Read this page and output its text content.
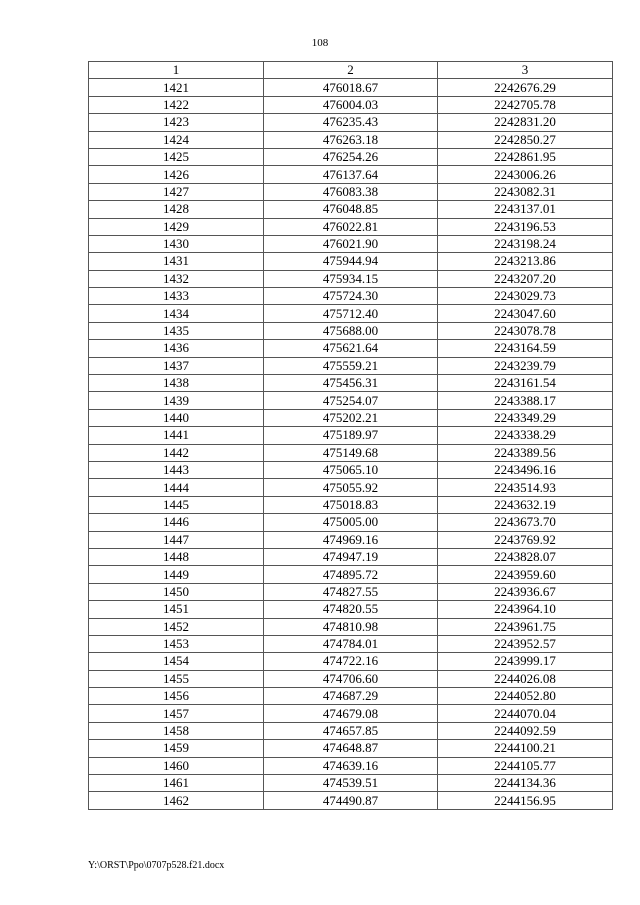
108
1	2	3
1421	476018.67	2242676.29
1422	476004.03	2242705.78
1423	476235.43	2242831.20
1424	476263.18	2242850.27
1425	476254.26	2242861.95
1426	476137.64	2243006.26
1427	476083.38	2243082.31
1428	476048.85	2243137.01
1429	476022.81	2243196.53
1430	476021.90	2243198.24
1431	475944.94	2243213.86
1432	475934.15	2243207.20
1433	475724.30	2243029.73
1434	475712.40	2243047.60
1435	475688.00	2243078.78
1436	475621.64	2243164.59
1437	475559.21	2243239.79
1438	475456.31	2243161.54
1439	475254.07	2243388.17
1440	475202.21	2243349.29
1441	475189.97	2243338.29
1442	475149.68	2243389.56
1443	475065.10	2243496.16
1444	475055.92	2243514.93
1445	475018.83	2243632.19
1446	475005.00	2243673.70
1447	474969.16	2243769.92
1448	474947.19	2243828.07
1449	474895.72	2243959.60
1450	474827.55	2243936.67
1451	474820.55	2243964.10
1452	474810.98	2243961.75
1453	474784.01	2243952.57
1454	474722.16	2243999.17
1455	474706.60	2244026.08
1456	474687.29	2244052.80
1457	474679.08	2244070.04
1458	474657.85	2244092.59
1459	474648.87	2244100.21
1460	474639.16	2244105.77
1461	474539.51	2244134.36
1462	474490.87	2244156.95
Y:\ORST\Ppo\0707p528.f21.docx
